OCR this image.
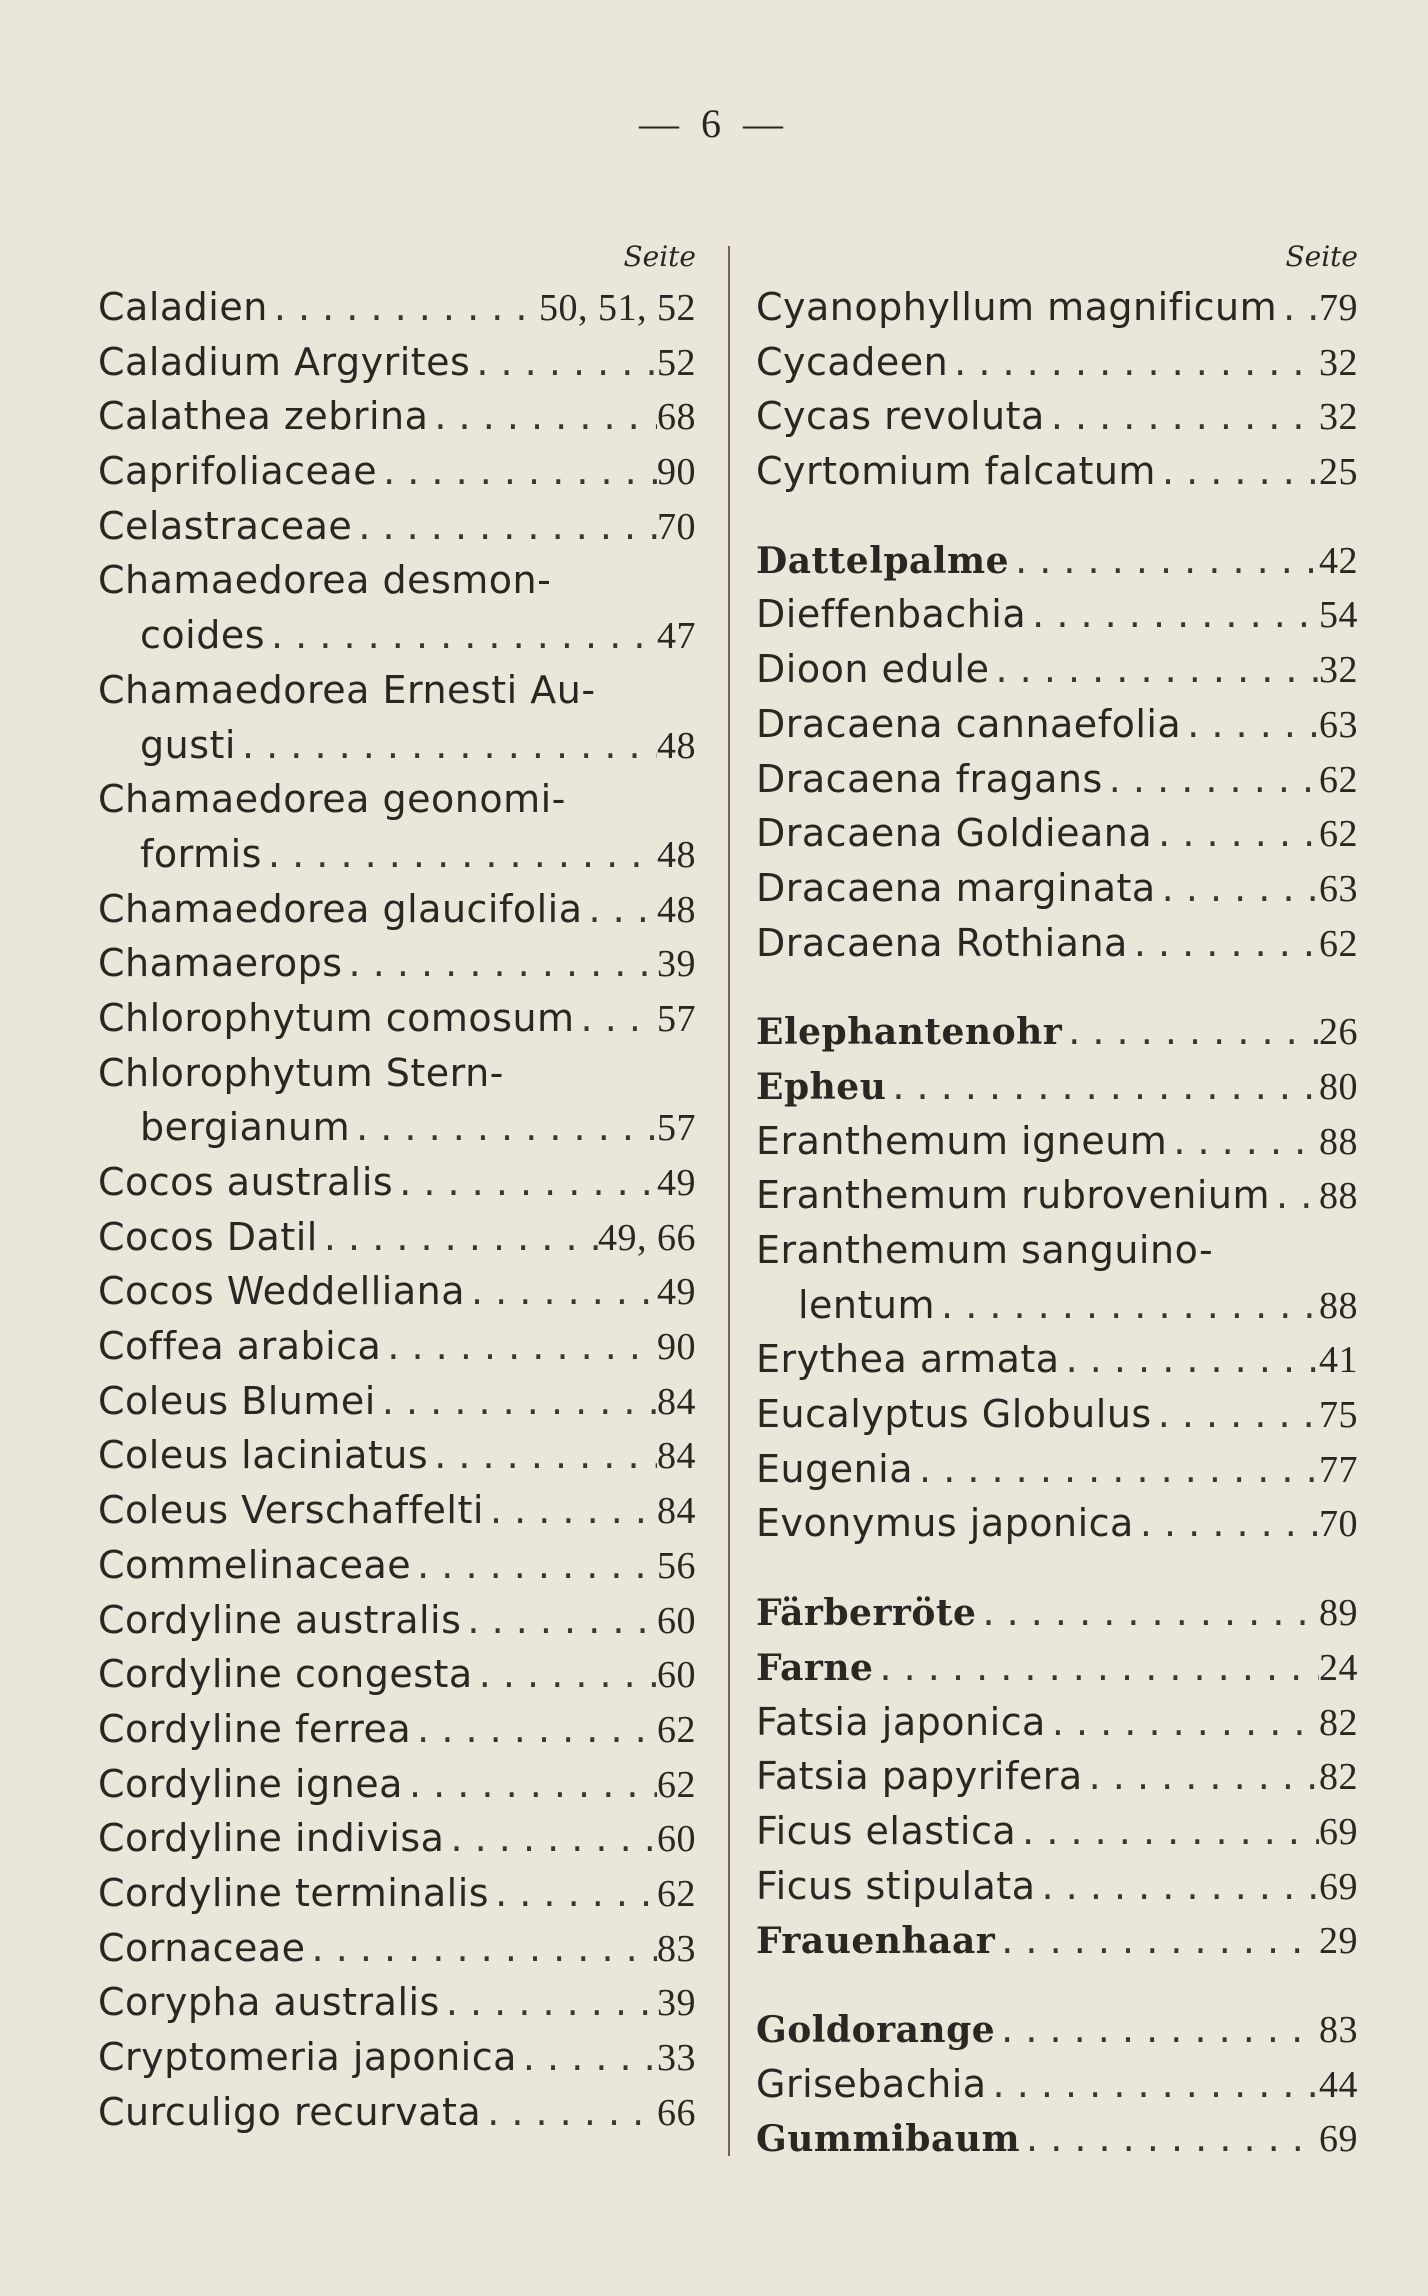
— 6 —
Seite
Caladien . . .	50, 51, 52
Caladium Argyrites . . .	52
Calathea zebrina . . .	68
Caprifoliaceae . . .	90
Celastraceae . . .	70
Chamaedorea desmon-
coides . . .	47
Chamaedorea Ernesti Au-
gusti . . .	48
Chamaedorea geonomi-
formis . . .	48
Chamaedorea glaucifolia . . . 48
Chamaerops . . .	39
Chlorophytum comosum . . . 57
Chlorophytum Stern-
bergianum . . .	57
Cocos australis . . .	49
Cocos Datil . . .	49, 66
Cocos Weddelliana . . .	49
Coffea arabica . . .	90
Coleus Blumei . . .	84
Coleus laciniatus . . .	84
Coleus Verschaffelti . . .	84
Commelinaceae . . .	56
Cordyline australis . . .	60
Cordyline congesta . . .	60
Cordyline ferrea . . .	62
Cordyline ignea . . .	62
Cordyline indivisa . . .	60
Cordyline terminalis . . .	62
Cornaceae . . .	83
Corypha australis . . .	39
Cryptomeria japonica . . .	33
Curculigo recurvata . . .	66
Seite
Cyanophyllum magnificum . . . 79
Cycadeen . . .	32
Cycas revoluta . . .	32
Cyrtomium falcatum . . .	25
Dattelpalme . . .	42
Dieffenbachia . . .	54
Dioon edule . . .	32
Dracaena cannaefolia . . .	63
Dracaena fragans . . .	62
Dracaena Goldieana . . .	62
Dracaena marginata . . .	63
Dracaena Rothiana . . .	62
Elephantenohr . . .	26
Epheu . . .	80
Eranthemum igneum . . .	88
Eranthemum rubrovenium . . . 88
Eranthemum sanguino-
lentum . . .	88
Erythea armata . . .	41
Eucalyptus Globulus . . .	75
Eugenia . . .	77
Evonymus japonica . . .	70
Färberröte . . .	89
Farne . . .	24
Fatsia japonica . . .	82
Fatsia papyrifera . . .	82
Ficus elastica . . .	69
Ficus stipulata . . .	69
Frauenhaar . . .	29
Goldorange . . .	83
Grisebachia . . .	44
Gummibaum . . .	69
